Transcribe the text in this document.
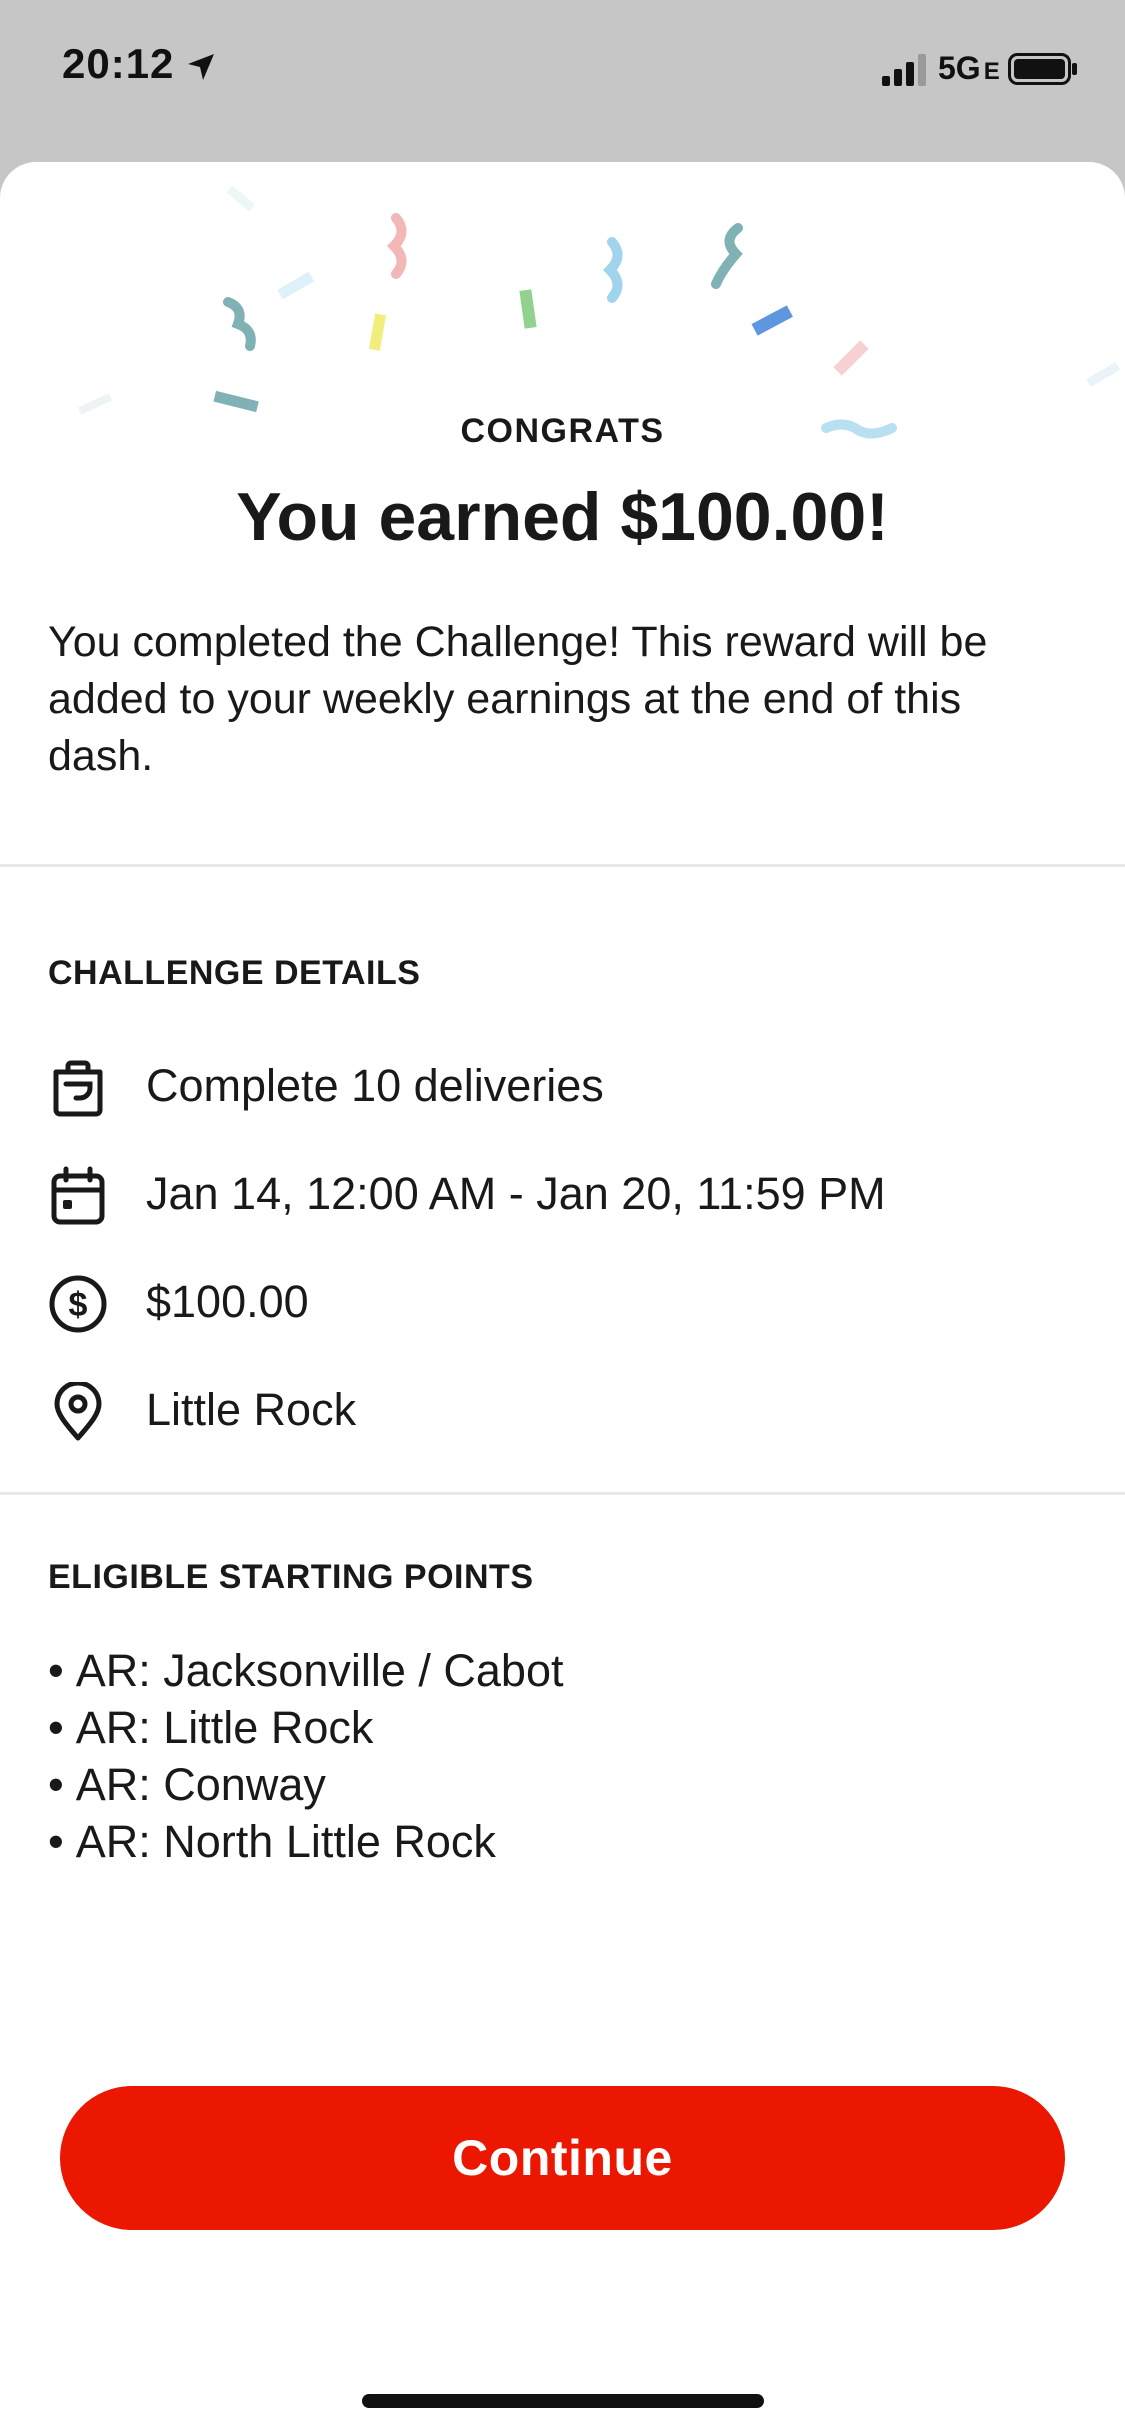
20:12	5G E
CONGRATS
You earned $100.00!
You completed the Challenge! This reward will be added to your weekly earnings at the end of this dash.
CHALLENGE DETAILS
Complete 10 deliveries
Jan 14, 12:00 AM - Jan 20, 11:59 PM
$ $100.00
Little Rock
ELIGIBLE STARTING POINTS
• AR: Jacksonville / Cabot
• AR: Little Rock
• AR: Conway
• AR: North Little Rock
Continue
